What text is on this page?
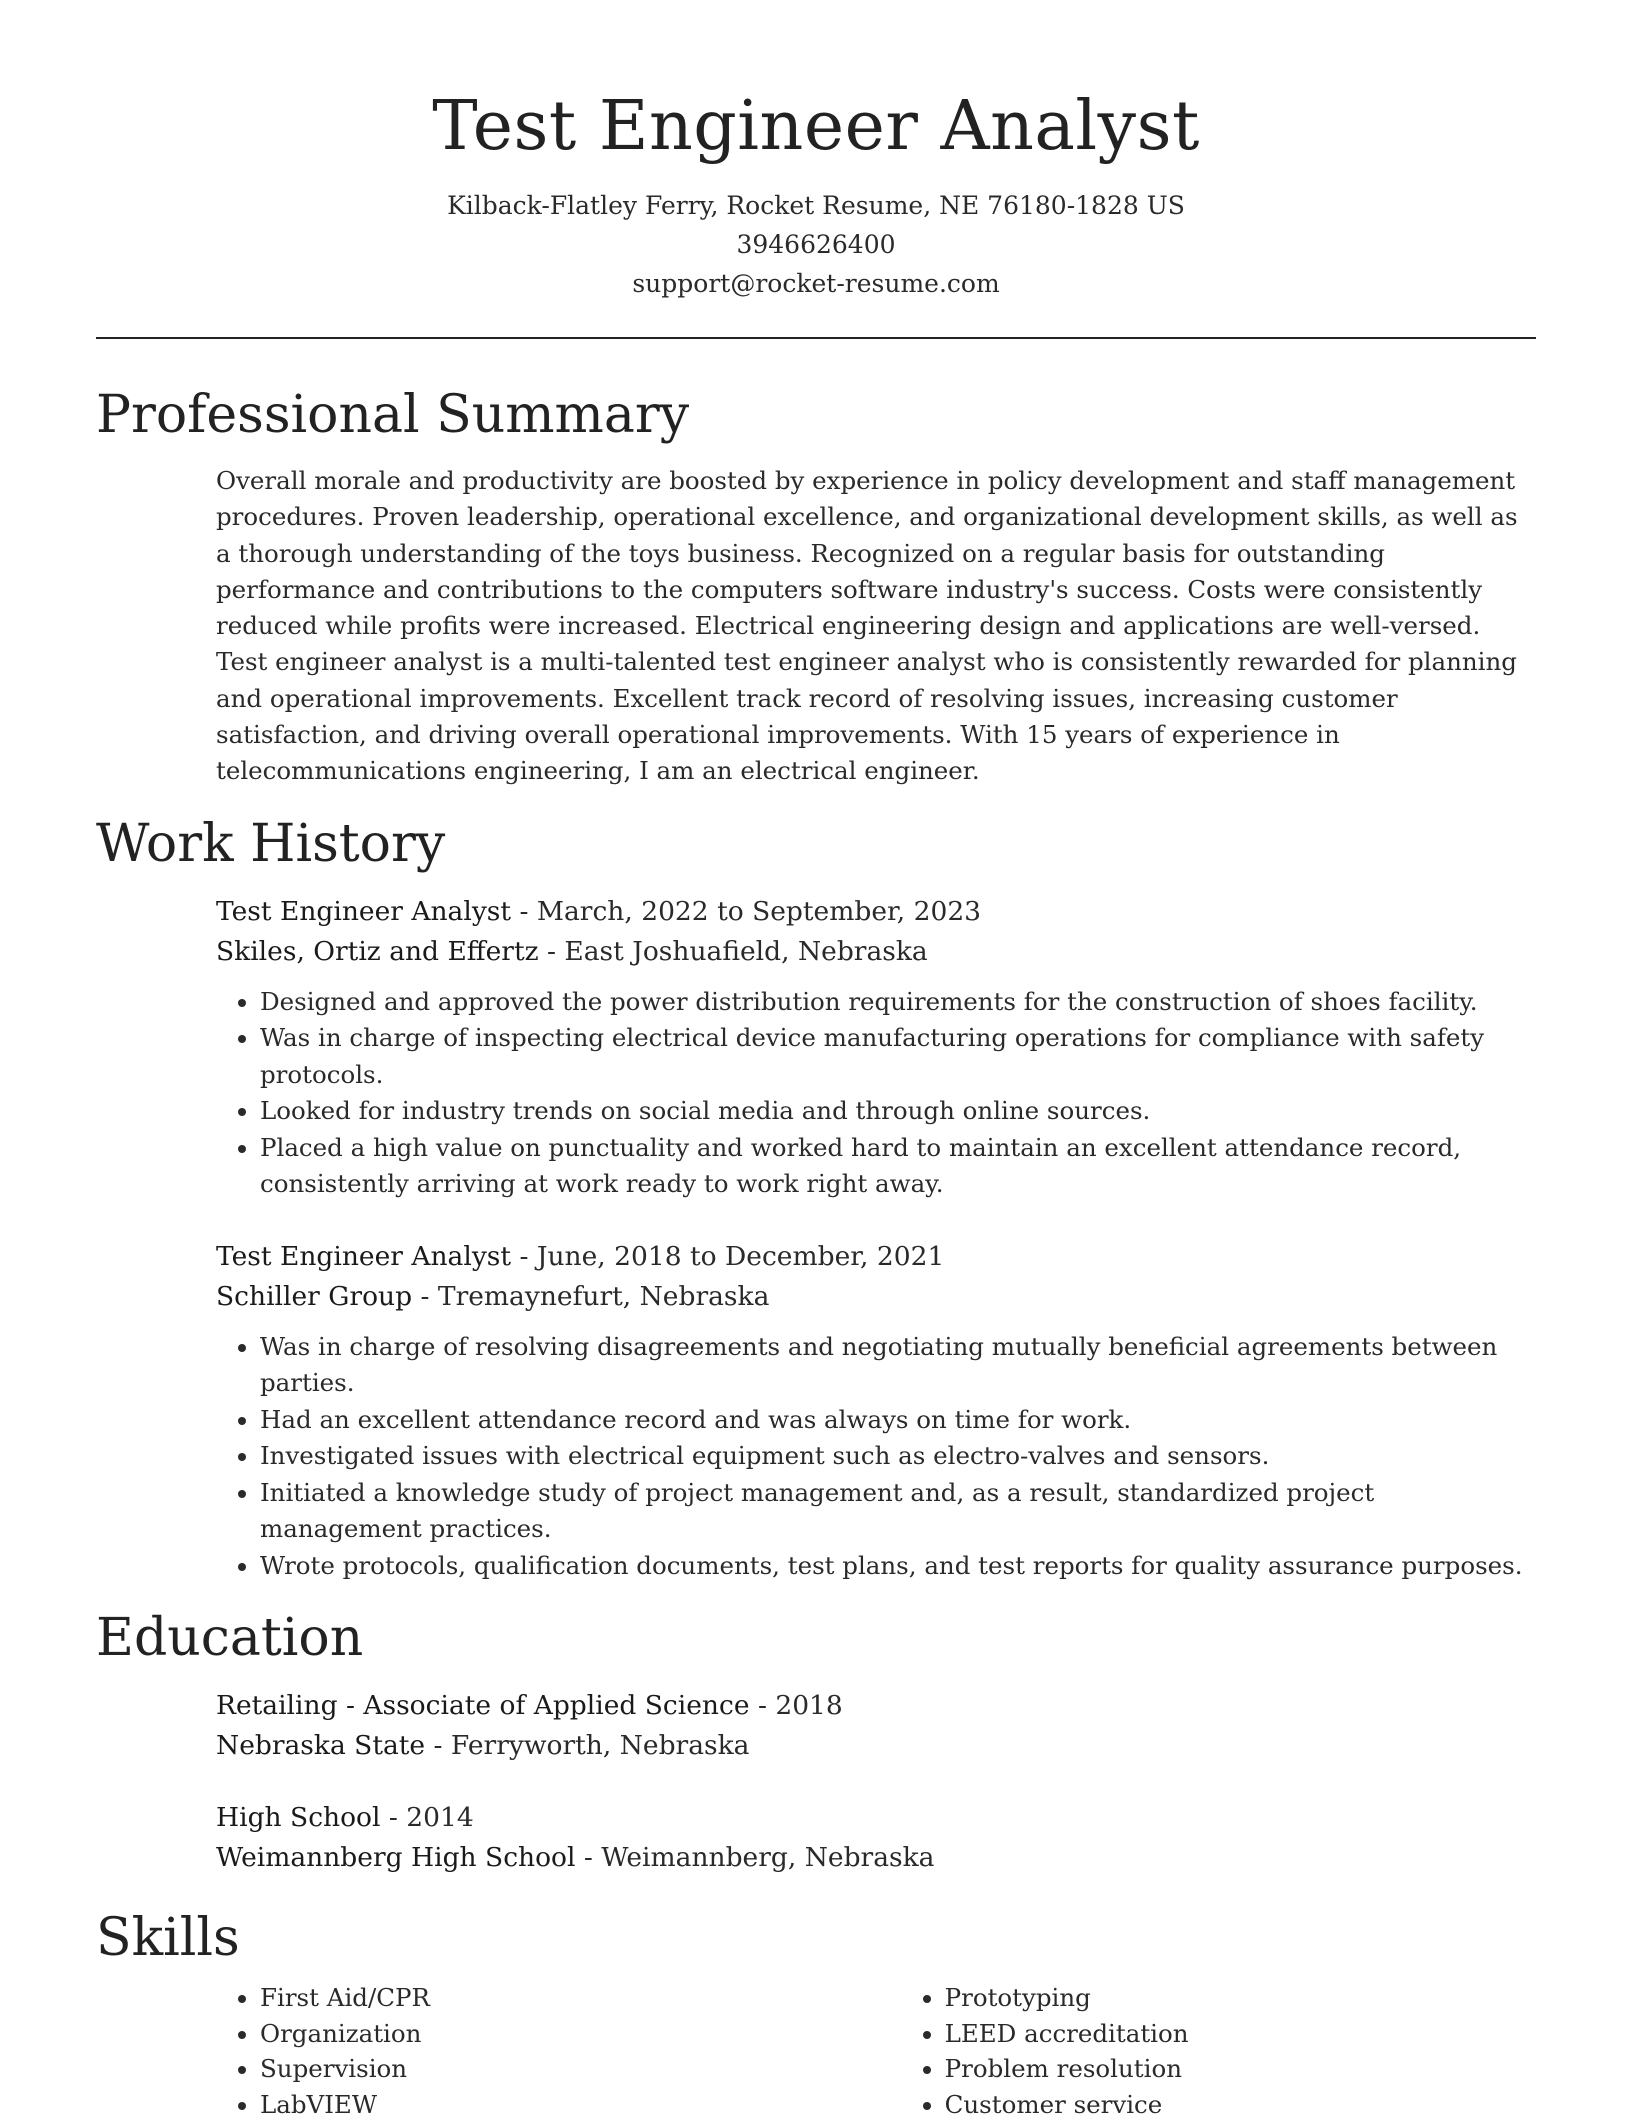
Test Engineer Analyst
Kilback-Flatley Ferry, Rocket Resume, NE 76180-1828 US
3946626400
support@rocket-resume.com
Professional Summary
Overall morale and productivity are boosted by experience in policy development and staff management procedures. Proven leadership, operational excellence, and organizational development skills, as well as a thorough understanding of the toys business. Recognized on a regular basis for outstanding performance and contributions to the computers software industry's success. Costs were consistently reduced while profits were increased. Electrical engineering design and applications are well-versed. Test engineer analyst is a multi-talented test engineer analyst who is consistently rewarded for planning and operational improvements. Excellent track record of resolving issues, increasing customer satisfaction, and driving overall operational improvements. With 15 years of experience in telecommunications engineering, I am an electrical engineer.
Work History
Test Engineer Analyst - March, 2022 to September, 2023
Skiles, Ortiz and Effertz - East Joshuafield, Nebraska
• Designed and approved the power distribution requirements for the construction of shoes facility.
• Was in charge of inspecting electrical device manufacturing operations for compliance with safety protocols.
• Looked for industry trends on social media and through online sources.
• Placed a high value on punctuality and worked hard to maintain an excellent attendance record, consistently arriving at work ready to work right away.
Test Engineer Analyst - June, 2018 to December, 2021
Schiller Group - Tremaynefurt, Nebraska
• Was in charge of resolving disagreements and negotiating mutually beneficial agreements between parties.
• Had an excellent attendance record and was always on time for work.
• Investigated issues with electrical equipment such as electro-valves and sensors.
• Initiated a knowledge study of project management and, as a result, standardized project management practices.
• Wrote protocols, qualification documents, test plans, and test reports for quality assurance purposes.
Education
Retailing - Associate of Applied Science - 2018
Nebraska State - Ferryworth, Nebraska
High School - 2014
Weimannberg High School - Weimannberg, Nebraska
Skills
• First Aid/CPR
• Organization
• Supervision
• LabVIEW
• Prototyping
• LEED accreditation
• Problem resolution
• Customer service
